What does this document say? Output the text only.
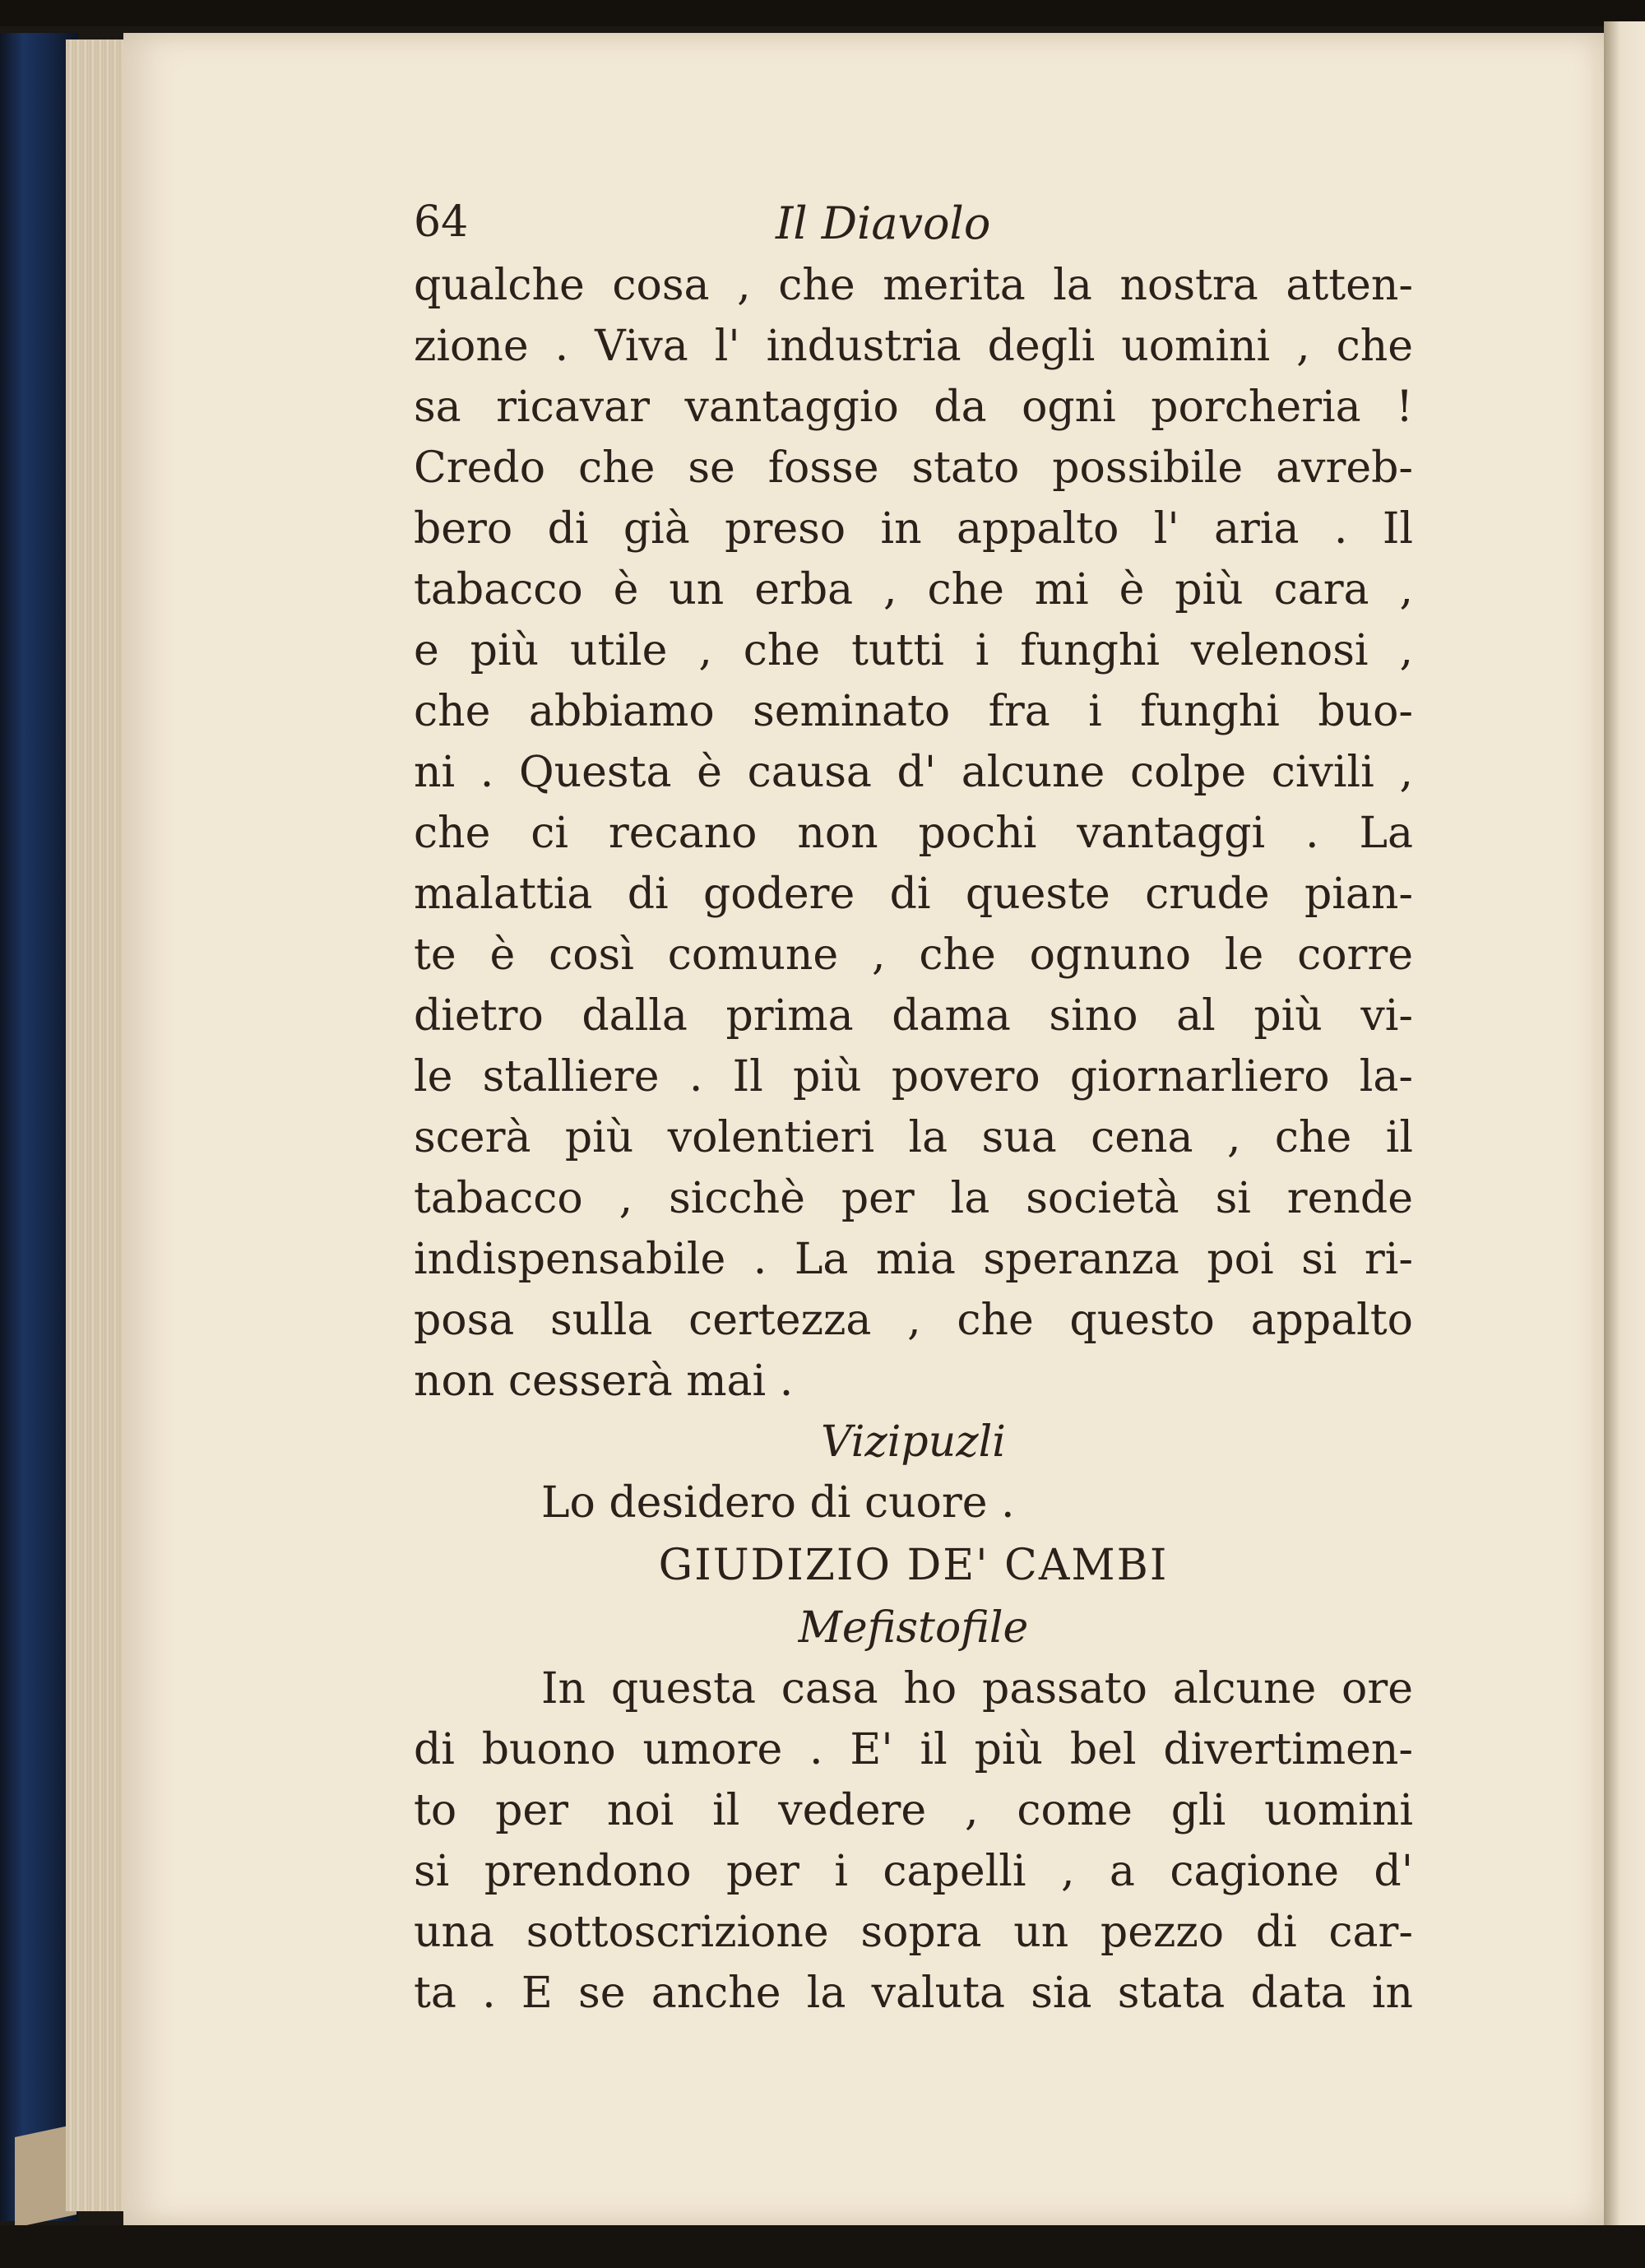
64	Il Diavolo
qualche cosa , che merita la nostra atten-
zione . Viva l' industria degli uomini , che
sa ricavar vantaggio da ogni porcheria !
Credo che se fosse stato possibile avreb-
bero di già preso in appalto l' aria . Il
tabacco è un erba , che mi è più cara ,
e più utile , che tutti i funghi velenosi ,
che abbiamo seminato fra i funghi buo-
ni . Questa è causa d' alcune colpe civili ,
che ci recano non pochi vantaggi . La
malattia di godere di queste crude pian-
te è così comune , che ognuno le corre
dietro dalla prima dama sino al più vi-
le stalliere . Il più povero giornarliero la-
scerà più volentieri la sua cena , che il
tabacco , sicchè per la società si rende
indispensabile . La mia speranza poi si ri-
posa sulla certezza , che questo appalto
non cesserà mai .
Vizipuzli
Lo desidero di cuore .
GIUDIZIO DE' CAMBI
Mefistofile
In questa casa ho passato alcune ore
di buono umore . E' il più bel divertimen-
to per noi il vedere , come gli uomini
si prendono per i capelli , a cagione d'
una sottoscrizione sopra un pezzo di car-
ta . E se anche la valuta sia stata data in
